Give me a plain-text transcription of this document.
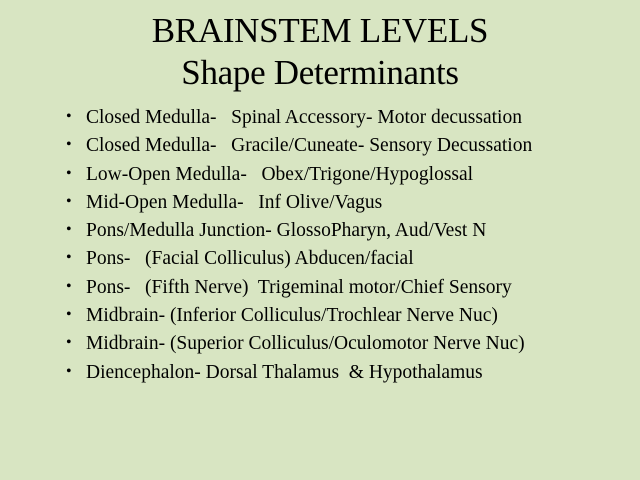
BRAINSTEM LEVELS
Shape Determinants
• Closed Medulla-   Spinal Accessory- Motor decussation
• Closed Medulla-   Gracile/Cuneate- Sensory Decussation
• Low-Open Medulla-   Obex/Trigone/Hypoglossal
• Mid-Open Medulla-   Inf Olive/Vagus
• Pons/Medulla Junction- GlossoPharyn, Aud/Vest N
• Pons-   (Facial Colliculus) Abducen/facial
• Pons-   (Fifth Nerve)  Trigeminal motor/Chief Sensory
• Midbrain- (Inferior Colliculus/Trochlear Nerve Nuc)
• Midbrain- (Superior Colliculus/Oculomotor Nerve Nuc)
• Diencephalon- Dorsal Thalamus  & Hypothalamus
